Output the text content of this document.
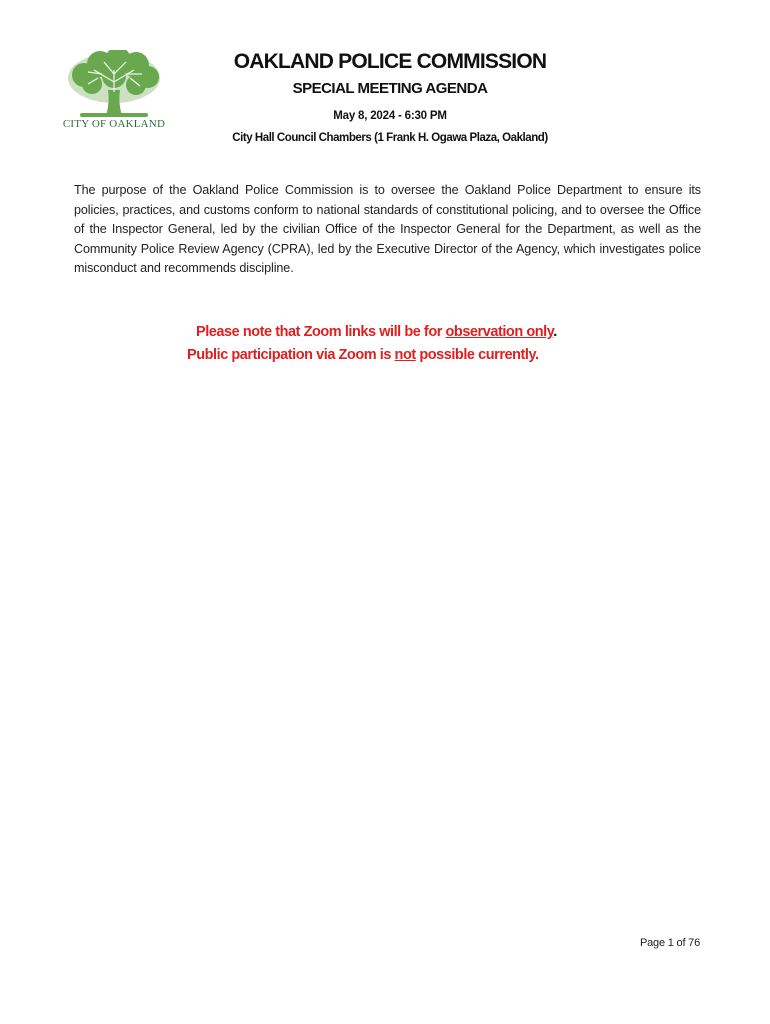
CITY OF OAKLAND
OAKLAND POLICE COMMISSION
SPECIAL MEETING AGENDA
May 8, 2024 - 6:30 PM
City Hall Council Chambers (1 Frank H. Ogawa Plaza, Oakland)
The purpose of the Oakland Police Commission is to oversee the Oakland Police Department to ensure its policies, practices, and customs conform to national standards of constitutional policing, and to oversee the Office of the Inspector General, led by the civilian Office of the Inspector General for the Department, as well as the Community Police Review Agency (CPRA), led by the Executive Director of the Agency, which investigates police misconduct and recommends discipline.
Please note that Zoom links will be for observation only.
Public participation via Zoom is not possible currently.
Page 1 of 76
